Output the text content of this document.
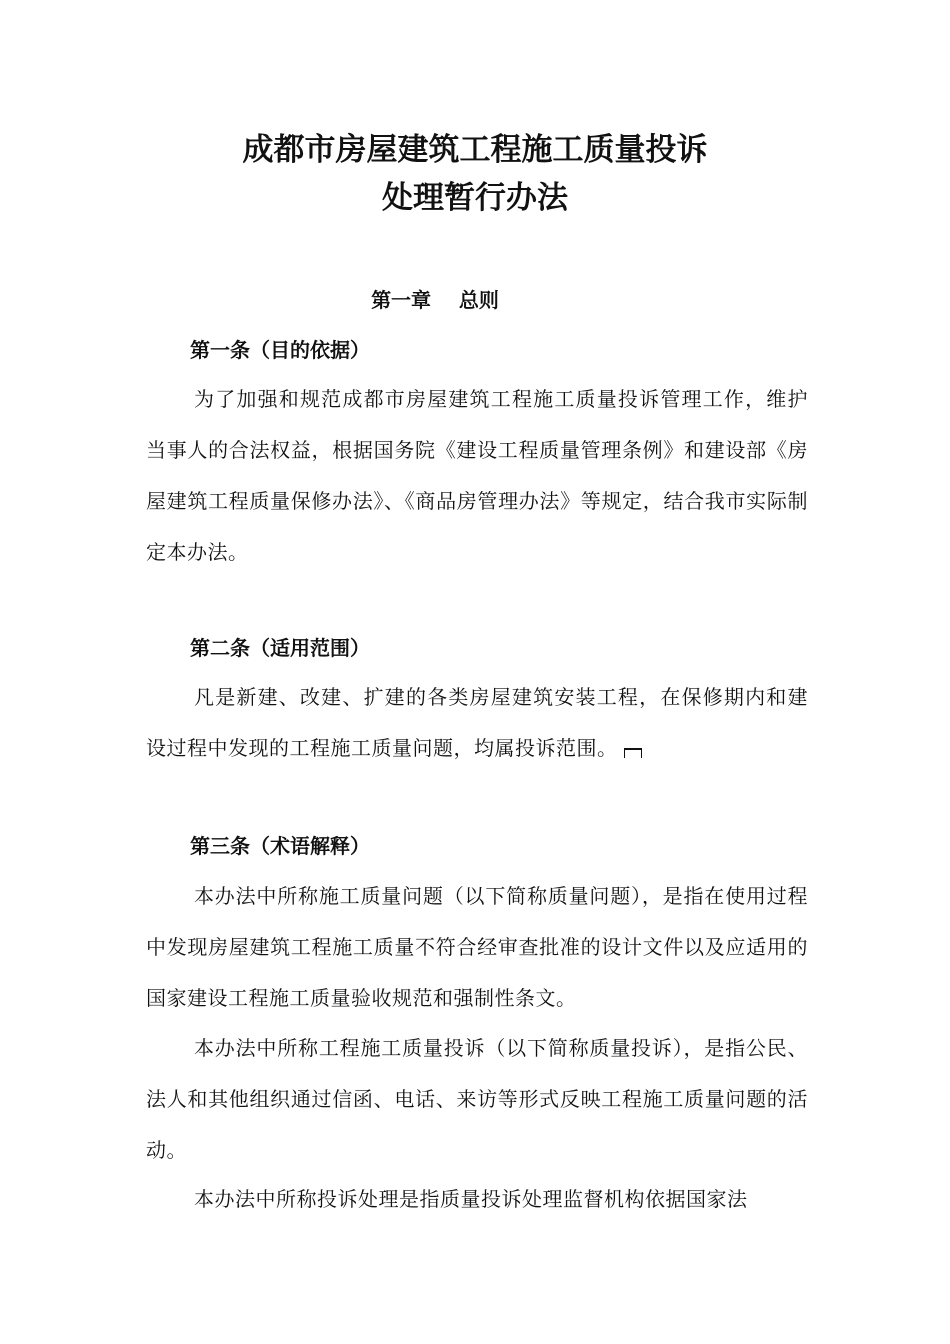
成都市房屋建筑工程施工质量投诉
处理暂行办法
第一章 总则
第一条（目的依据）

为了加强和规范成都市房屋建筑工程施工质量投诉管理工作，维护当事人的合法权益，根据国务院《建设工程质量管理条例》和建设部《房屋建筑工程质量保修办法》、《商品房管理办法》等规定，结合我市实际制定本办法。

第二条（适用范围）

凡是新建、改建、扩建的各类房屋建筑安装工程，在保修期内和建设过程中发现的工程施工质量问题，均属投诉范围。

第三条（术语解释）

本办法中所称施工质量问题（以下简称质量问题），是指在使用过程中发现房屋建筑工程施工质量不符合经审查批准的设计文件以及应适用的国家建设工程施工质量验收规范和强制性条文。

本办法中所称工程施工质量投诉（以下简称质量投诉），是指公民、法人和其他组织通过信函、电话、来访等形式反映工程施工质量问题的活动。

本办法中所称投诉处理是指质量投诉处理监督机构依据国家法
